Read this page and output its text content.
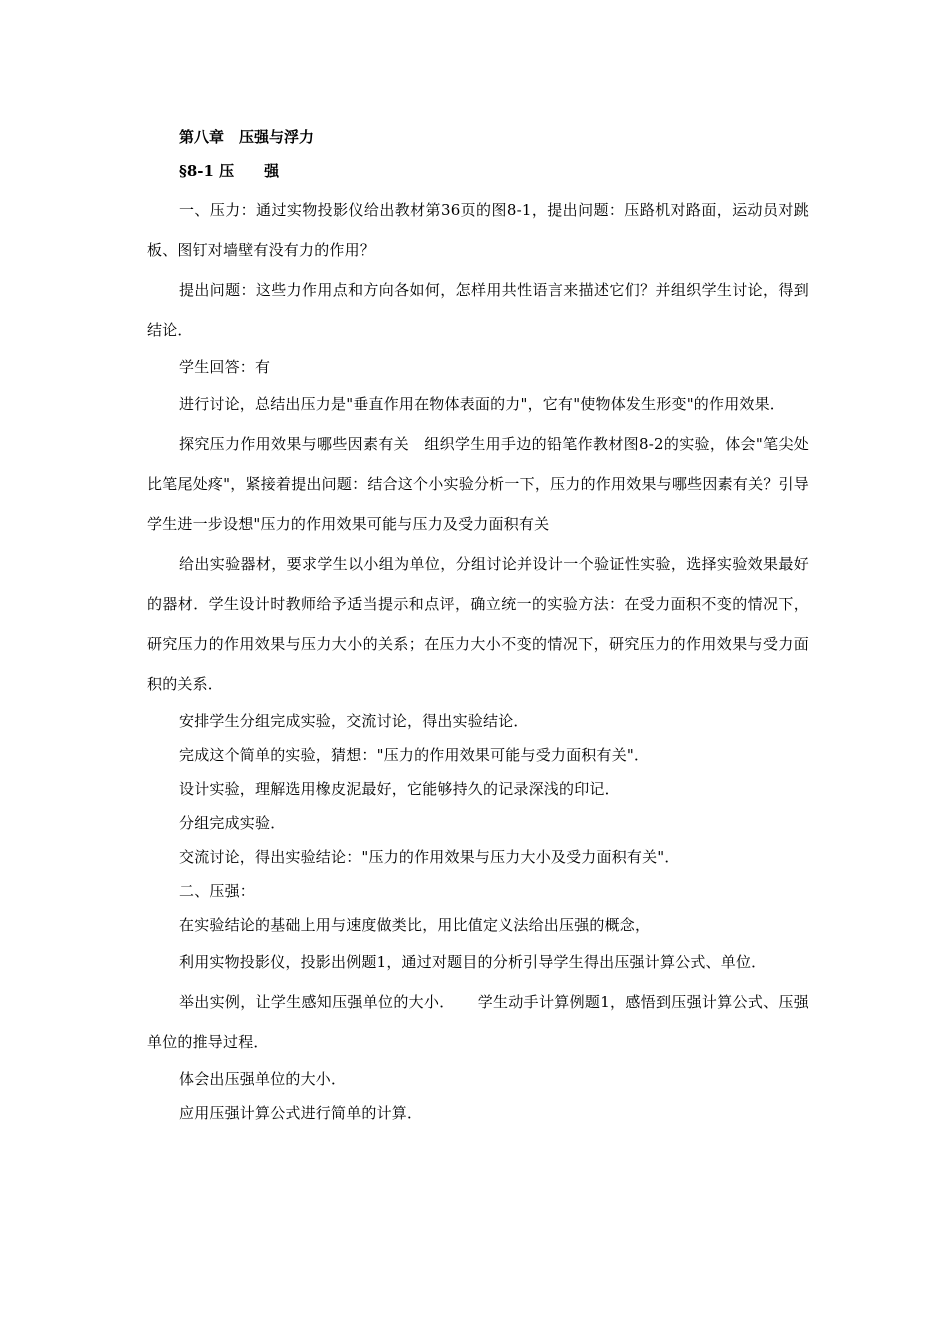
第八章　压强与浮力
§8-1 压　　强

一、压力：通过实物投影仪给出教材第36页的图8-1，提出问题：压路机对路面，运动员对跳板、图钉对墙壁有没有力的作用？

提出问题：这些力作用点和方向各如何，怎样用共性语言来描述它们？并组织学生讨论，得到结论．

学生回答：有

进行讨论，总结出压力是"垂直作用在物体表面的力"，它有"使物体发生形变"的作用效果．

探究压力作用效果与哪些因素有关　组织学生用手边的铅笔作教材图8-2的实验，体会"笔尖处比笔尾处疼"，紧接着提出问题：结合这个小实验分析一下，压力的作用效果与哪些因素有关？引导学生进一步设想"压力的作用效果可能与压力及受力面积有关

给出实验器材，要求学生以小组为单位，分组讨论并设计一个验证性实验，选择实验效果最好的器材．学生设计时教师给予适当提示和点评，确立统一的实验方法：在受力面积不变的情况下，研究压力的作用效果与压力大小的关系；在压力大小不变的情况下，研究压力的作用效果与受力面积的关系．

安排学生分组完成实验，交流讨论，得出实验结论．

完成这个简单的实验，猜想："压力的作用效果可能与受力面积有关"．

设计实验，理解选用橡皮泥最好，它能够持久的记录深浅的印记．

分组完成实验．

交流讨论，得出实验结论："压力的作用效果与压力大小及受力面积有关"．

二、压强：

在实验结论的基础上用与速度做类比，用比值定义法给出压强的概念，

利用实物投影仪，投影出例题1，通过对题目的分析引导学生得出压强计算公式、单位．

举出实例，让学生感知压强单位的大小．　　学生动手计算例题1，感悟到压强计算公式、压强单位的推导过程．

体会出压强单位的大小．

应用压强计算公式进行简单的计算．
